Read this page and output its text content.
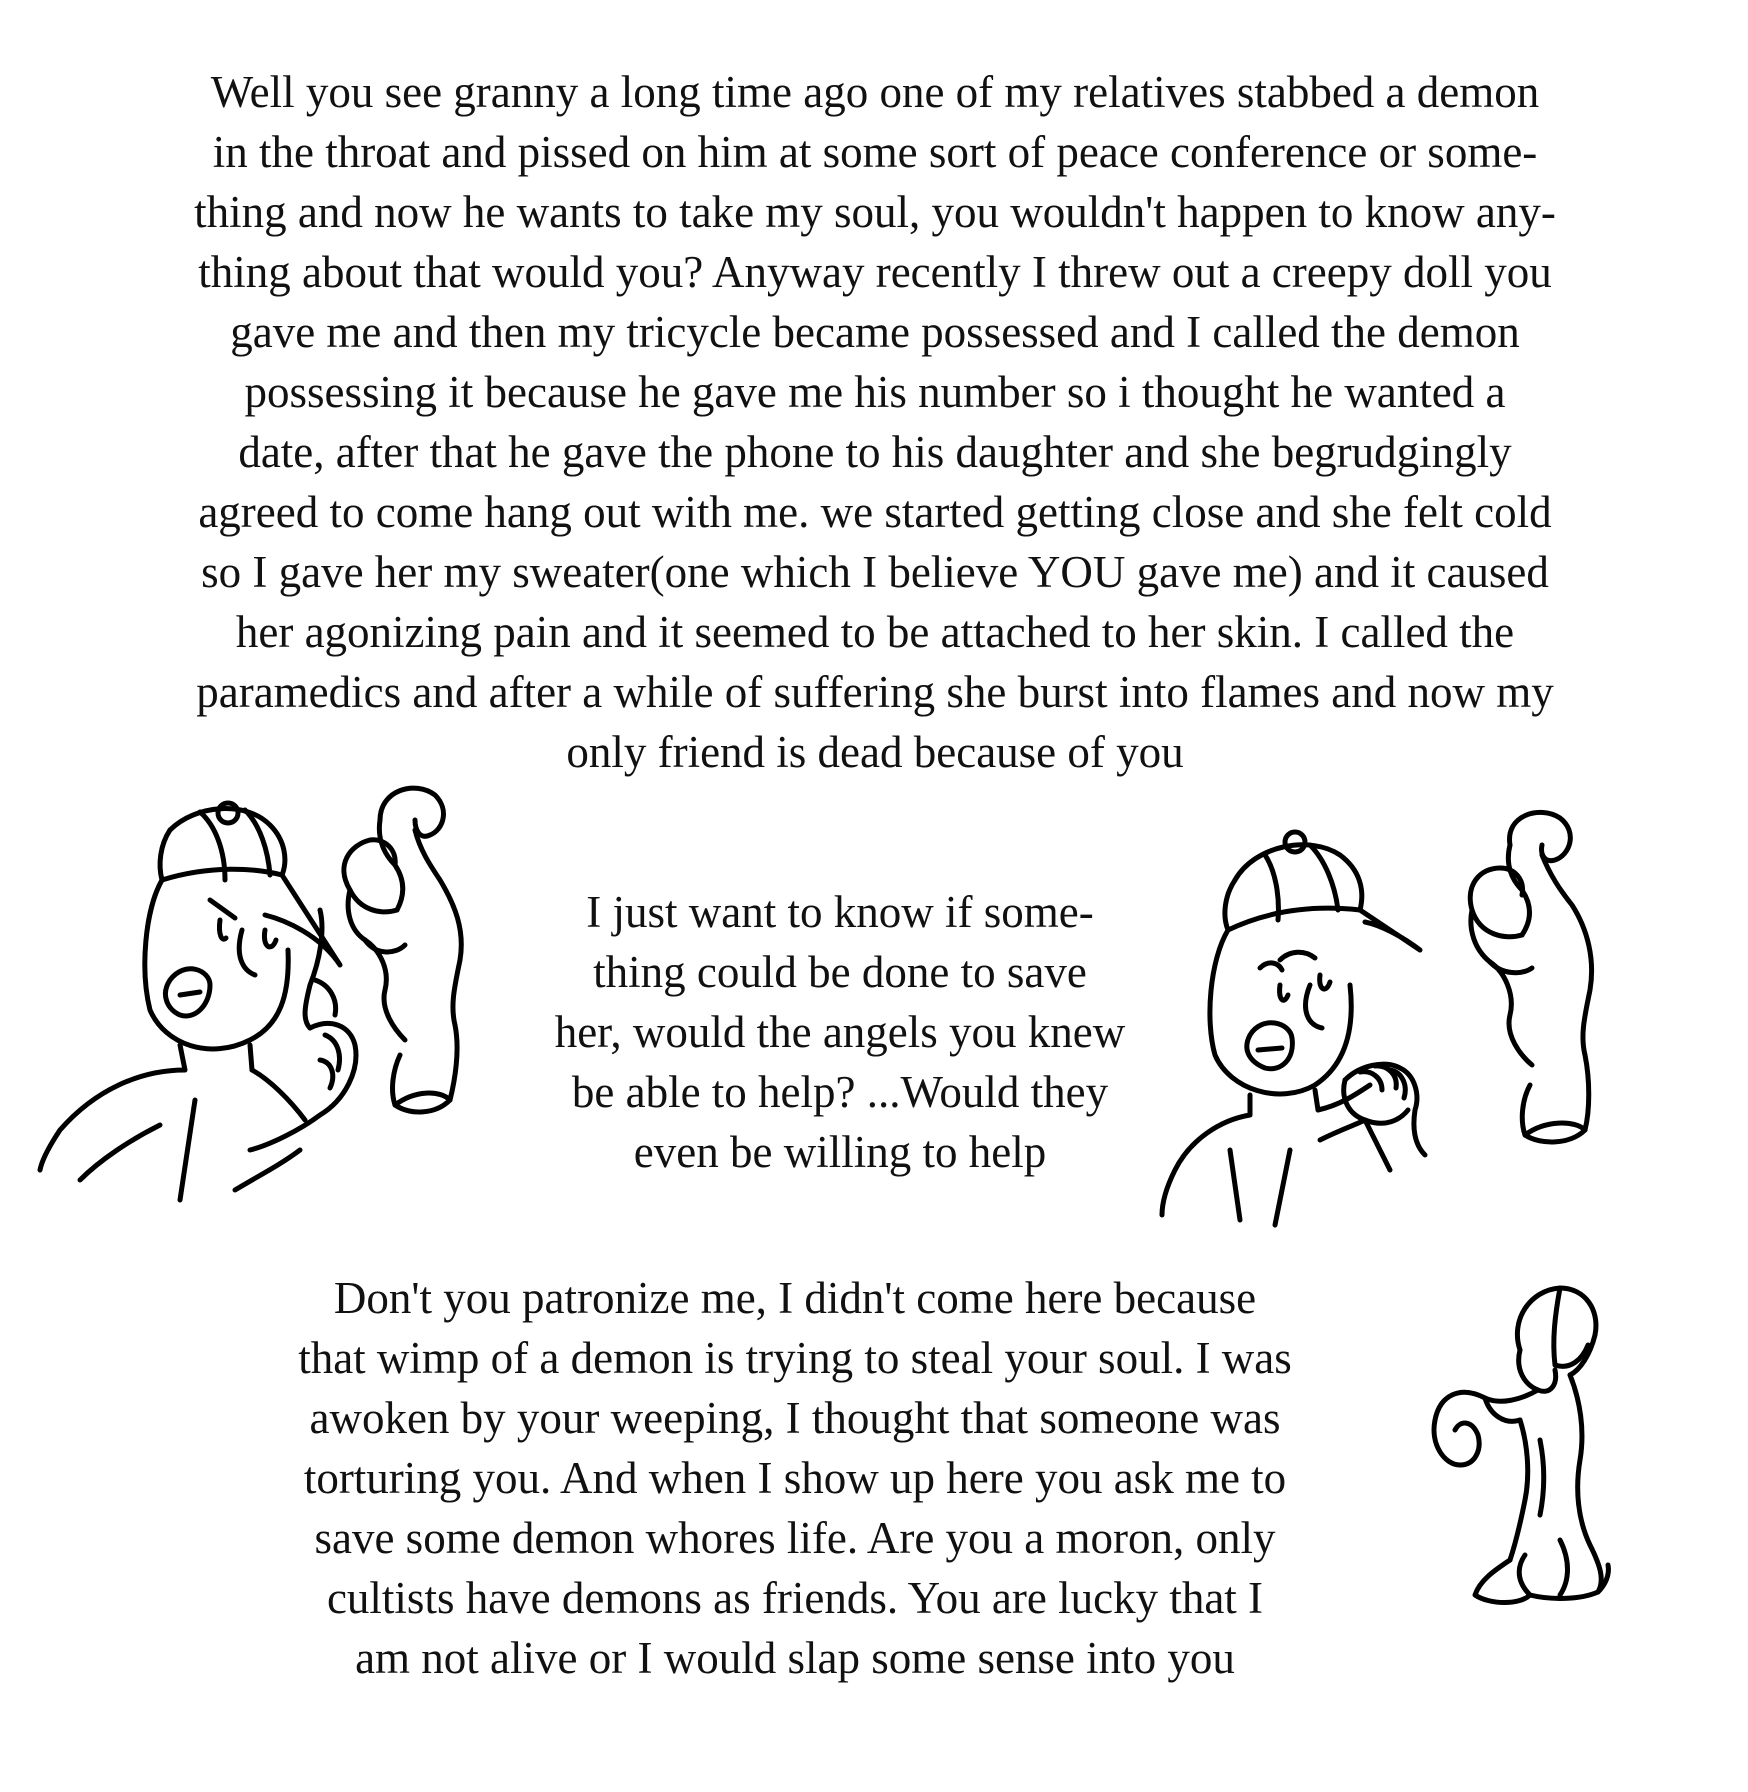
Well you see granny a long time ago one of my relatives stabbed a demon
in the throat and pissed on him at some sort of peace conference or some-
thing and now he wants to take my soul, you wouldn't happen to know any-
thing about that would you? Anyway recently I threw out a creepy doll you
gave me and then my tricycle became possessed and I called the demon
possessing it because he gave me his number so i thought he wanted a
date, after that he gave the phone to his daughter and she begrudgingly
agreed to come hang out with me. we started getting close and she felt cold
so I gave her my sweater(one which I believe YOU gave me) and it caused
her agonizing pain and it seemed to be attached to her skin. I called the
paramedics and after a while of suffering she burst into flames and now my
only friend is dead because of you

I just want to know if some-
thing could be done to save
her, would the angels you knew
be able to help? ...Would they
even be willing to help

Don't you patronize me, I didn't come here because
that wimp of a demon is trying to steal your soul. I was
awoken by your weeping, I thought that someone was
torturing you. And when I show up here you ask me to
save some demon whores life. Are you a moron, only
cultists have demons as friends. You are lucky that I
am not alive or I would slap some sense into you
